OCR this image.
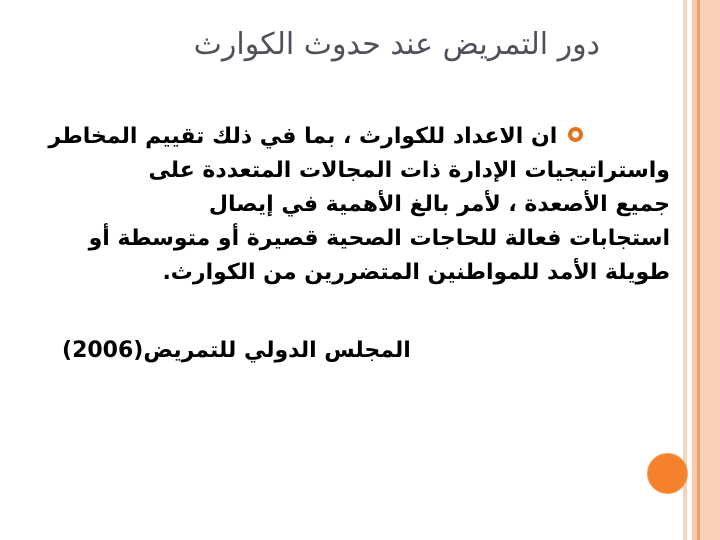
دور التمريض عند حدوث الكوارث
ان الاعداد للكوارث ، بما في ذلك تقييم المخاطر
واستراتيجيات الإدارة ذات المجالات المتعددة على
جميع الأصعدة ، لأمر بالغ الأهمية في إيصال
استجابات فعالة للحاجات الصحية قصيرة أو متوسطة أو
طويلة الأمد للمواطنين المتضررين من الكوارث.
المجلس الدولي للتمريض(2006)
